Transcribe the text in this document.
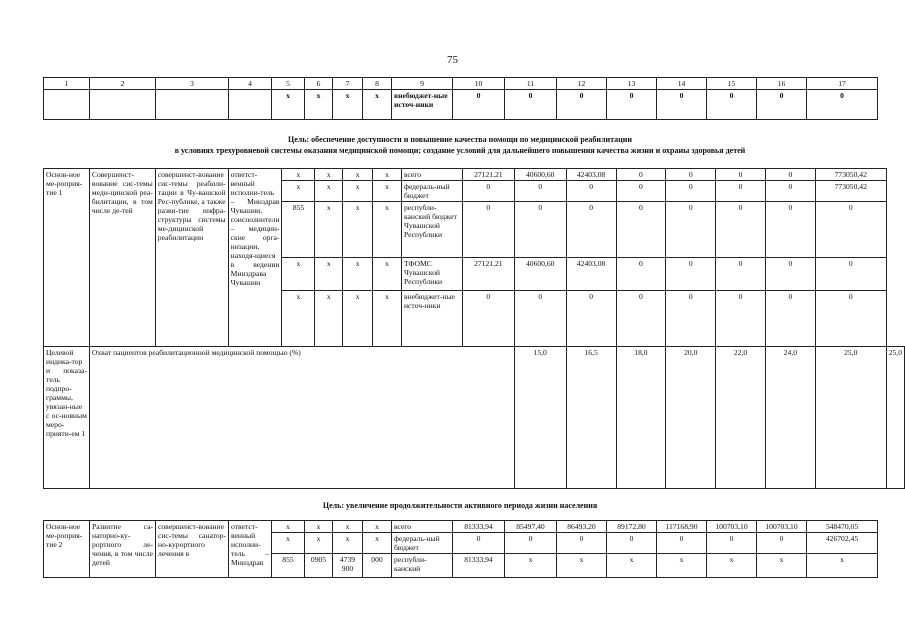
75
1	2	3	4	5	6	7	8	9	10	11	12	13	14	15	16	17
				х	х	х	х	внебюджет-ные источ-ники	0	0	0	0	0	0	0	0
Цель: обеспечение доступности и повышение качества помощи по медицинской реабилитации
в условиях трехуровневой системы оказания медицинской помощи; создание условий для дальнейшего повышения качества жизни и охраны здоровья детей
Основ-ное ме-роприя-тие 1	Совершенст-вование сис-темы меди-цинской реа-билитации, в том числе де-тей	совершенст-вование сис-темы реабили-тации в Чу-вашской Рес-публике, а также разви-тие инфра-структуры системы ме-дицинской реабилитации	ответст-венный исполни-тель – Минздрав Чувашии, соисполнители – медицин-ские орга-низации, находя-щиеся в ведении Минздрава Чувашии	х	х	х	х	всего	27121,21	40600,60	42403,08	0	0	0	0	773050,42	
				х	х	х	х	федераль-ный бюджет	0	0	0	0	0	0	0	773050,42	
				855	х	х	х	республи-канский бюджет Чувашской Республики	0	0	0	0	0	0	0	0	
				х	х	х	х	ТФОМС Чувашской Республики	27121,21	40600,60	42403,08	0	0	0	0	0	
				х	х	х	х	внебюджет-ные источ-ники	0	0	0	0	0	0	0	0	
Целевой индика-тор и показа-тель подпро-граммы, увязан-ные с ос-новным меро-прияти-ем 1	Охват пациентов реабилитационной медицинской помощью (%)									15,0	16,5	18,0	20,0	22,0	24,0	25,0	25,0
Цель: увеличение продолжительности активного периода жизни населения
Основ-ное ме-роприя-тие 2	Развитие са-наторно-ку-рортного ле-чения, в том числе детей	совершенст-вование сис-темы санатор-но-курортного лечения в	ответст-венный исполни-тель – Минздрав	х	х	х	х	всего	81333,94	85497,40	86493,20	89172,80	117168,90	100703,10	100703,10	548470,05
				х	х	х	х	федераль-ный бюджет	0	0	0	0	0	0	0	426702,45
				855	0905	4739 900	000	республи-канский	81333,94	х	х	х	х	х	х	х
